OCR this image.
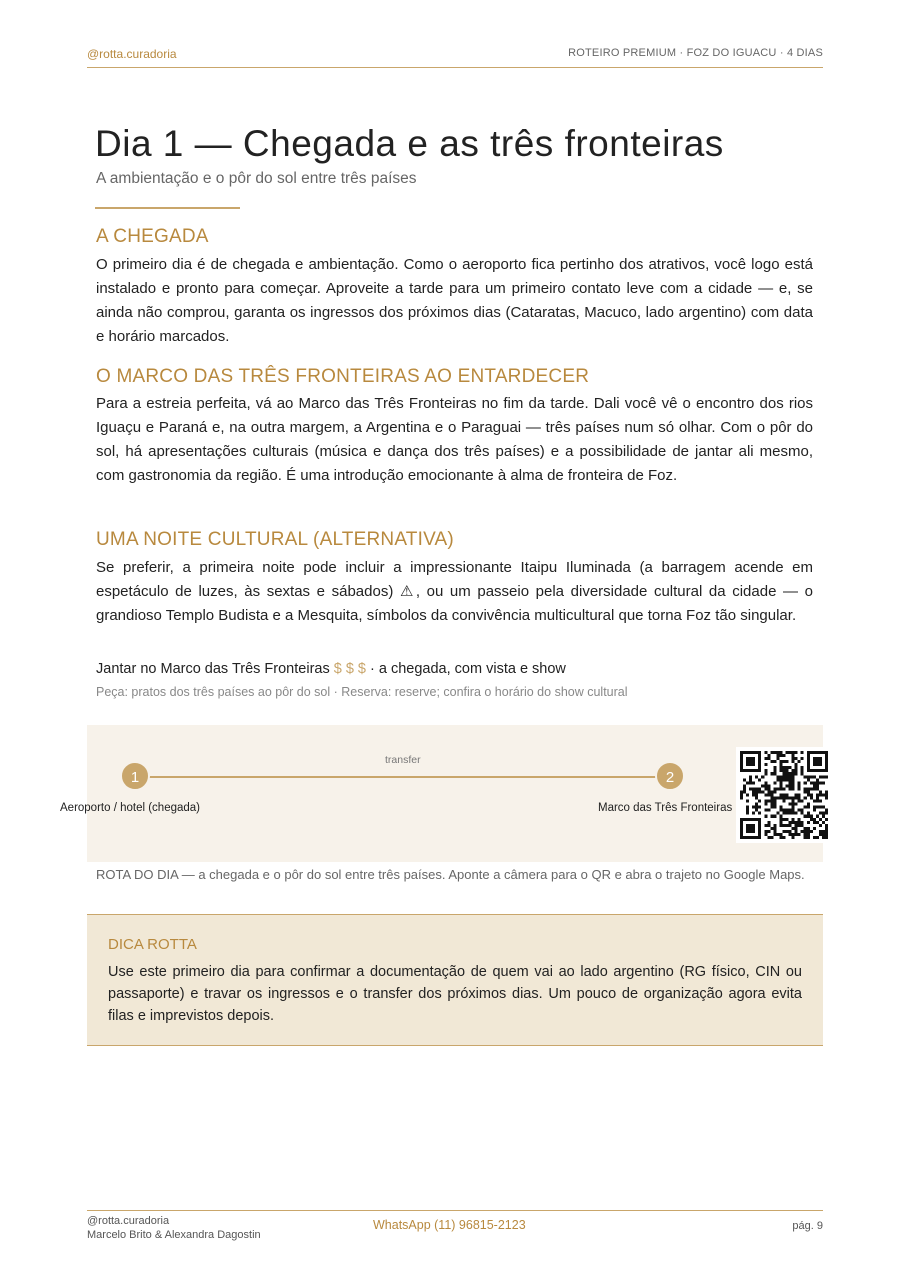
@rotta.curadoria	ROTEIRO PREMIUM · FOZ DO IGUACU · 4 DIAS
Dia 1 — Chegada e as três fronteiras
A ambientação e o pôr do sol entre três países
A CHEGADA

O primeiro dia é de chegada e ambientação. Como o aeroporto fica pertinho dos atrativos, você logo está instalado e pronto para começar. Aproveite a tarde para um primeiro contato leve com a cidade — e, se ainda não comprou, garanta os ingressos dos próximos dias (Cataratas, Macuco, lado argentino) com data e horário marcados.

O MARCO DAS TRÊS FRONTEIRAS AO ENTARDECER

Para a estreia perfeita, vá ao Marco das Três Fronteiras no fim da tarde. Dali você vê o encontro dos rios Iguaçu e Paraná e, na outra margem, a Argentina e o Paraguai — três países num só olhar. Com o pôr do sol, há apresentações culturais (música e dança dos três países) e a possibilidade de jantar ali mesmo, com gastronomia da região. É uma introdução emocionante à alma de fronteira de Foz.

UMA NOITE CULTURAL (ALTERNATIVA)

Se preferir, a primeira noite pode incluir a impressionante Itaipu Iluminada (a barragem acende em espetáculo de luzes, às sextas e sábados) ⚠, ou um passeio pela diversidade cultural da cidade — o grandioso Templo Budista e a Mesquita, símbolos da convivência multicultural que torna Foz tão singular.

Jantar no Marco das Três Fronteiras $ $ $ · a chegada, com vista e show
Peça: pratos dos três países ao pôr do sol · Reserva: reserve; confira o horário do show cultural
transfer
1
Aeroporto / hotel (chegada)
2
Marco das Três Fronteiras

ROTA DO DIA — a chegada e o pôr do sol entre três países. Aponte a câmera para o QR e abra o trajeto no Google Maps.

DICA ROTTA

Use este primeiro dia para confirmar a documentação de quem vai ao lado argentino (RG físico, CIN ou passaporte) e travar os ingressos e o transfer dos próximos dias. Um pouco de organização agora evita filas e imprevistos depois.

@rotta.curadoria
Marcelo Brito & Alexandra Dagostin
WhatsApp (11) 96815-2123	pág. 9
